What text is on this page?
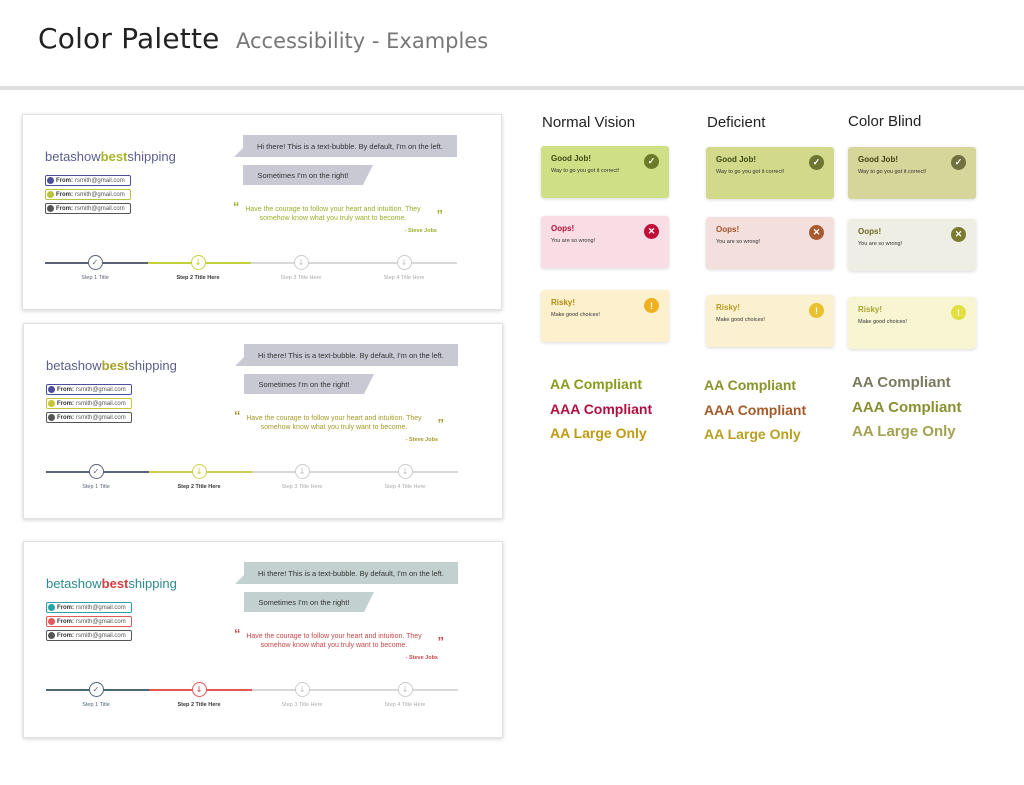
Color Palette Accessibility - Examples
betashowbestshipping
From: rsmith@gmail.com
From: rsmith@gmail.com
From: rsmith@gmail.com
Hi there! This is a text-bubble. By default, I'm on the left.
Sometimes I'm on the right!
“ Have the courage to follow your heart and intuition. They somehow know what you truly want to become. ”
- Steve Jobs
✓
Step 1 Title
↓
Step 2 Title Here
↓
Step 3 Title Here
↓
Step 4 Title Here
betashowbestshipping
From: rsmith@gmail.com
From: rsmith@gmail.com
From: rsmith@gmail.com
Hi there! This is a text-bubble. By default, I'm on the left.
Sometimes I'm on the right!
“ Have the courage to follow your heart and intuition. They somehow know what you truly want to become. ”
- Steve Jobs
✓
Step 1 Title
↓
Step 2 Title Here
↓
Step 3 Title Here
↓
Step 4 Title Here
betashowbestshipping
From: rsmith@gmail.com
From: rsmith@gmail.com
From: rsmith@gmail.com
Hi there! This is a text-bubble. By default, I'm on the left.
Sometimes I'm on the right!
“ Have the courage to follow your heart and intuition. They somehow know what you truly want to become. ”
- Steve Jobs
✓
Step 1 Title
↓
Step 2 Title Here
↓
Step 3 Title Here
↓
Step 4 Title Here
Normal Vision
Good Job!
Way to go you got it correct!
✓
Oops!
You are so wrong!
✕
Risky!
Make good choices!
!
AA Compliant
AAA Compliant
AA Large Only
Deficient
Good Job!
Way to go you got it correct!
✓
Oops!
You are so wrong!
✕
Risky!
Make good choices!
!
AA Compliant
AAA Compliant
AA Large Only
Color Blind
Good Job!
Way to go you got it correct!
✓
Oops!
You are so wrong!
✕
Risky!
Make good choices!
!
AA Compliant
AAA Compliant
AA Large Only
